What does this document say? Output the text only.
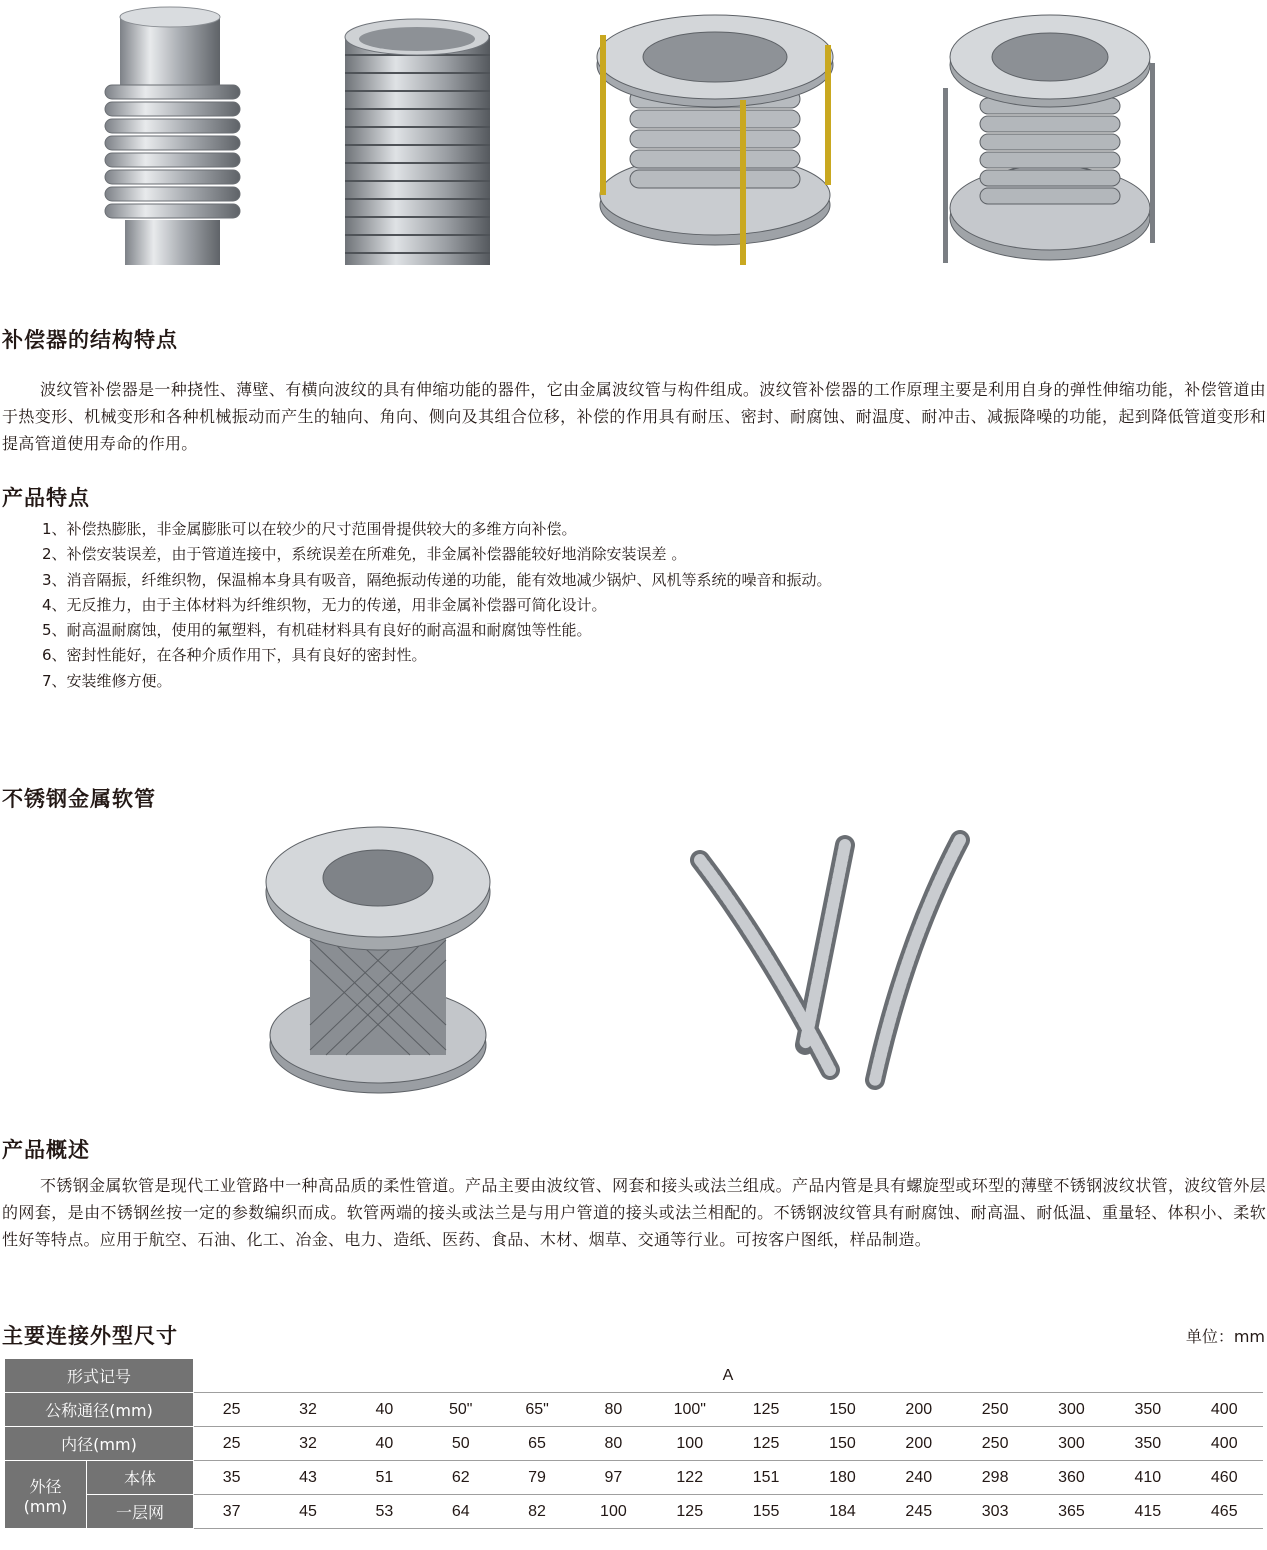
补偿器的结构特点

波纹管补偿器是一种挠性、薄壁、有横向波纹的具有伸缩功能的器件，它由金属波纹管与构件组成。波纹管补偿器的工作原理主要是利用自身的弹性伸缩功能，补偿管道由于热变形、机械变形和各种机械振动而产生的轴向、角向、侧向及其组合位移，补偿的作用具有耐压、密封、耐腐蚀、耐温度、耐冲击、减振降噪的功能，起到降低管道变形和提高管道使用寿命的作用。

产品特点
1、补偿热膨胀，非金属膨胀可以在较少的尺寸范围骨提供较大的多维方向补偿。
2、补偿安装误差，由于管道连接中，系统误差在所难免，非金属补偿器能较好地消除安装误差 。
3、消音隔振，纤维织物，保温棉本身具有吸音，隔绝振动传递的功能，能有效地减少锅炉、风机等系统的噪音和振动。
4、无反推力，由于主体材料为纤维织物，无力的传递，用非金属补偿器可简化设计。
5、耐高温耐腐蚀，使用的氟塑料，有机硅材料具有良好的耐高温和耐腐蚀等性能。
6、密封性能好，在各种介质作用下，具有良好的密封性。
7、安装维修方便。
不锈钢金属软管
产品概述

不锈钢金属软管是现代工业管路中一种高品质的柔性管道。产品主要由波纹管、网套和接头或法兰组成。产品内管是具有螺旋型或环型的薄壁不锈钢波纹状管，波纹管外层的网套，是由不锈钢丝按一定的参数编织而成。软管两端的接头或法兰是与用户管道的接头或法兰相配的。不锈钢波纹管具有耐腐蚀、耐高温、耐低温、重量轻、体积小、柔软性好等特点。应用于航空、石油、化工、冶金、电力、造纸、医药、食品、木材、烟草、交通等行业。可按客户图纸，样品制造。

主要连接外型尺寸	单位：mm
形式记号		A													
公称通径(mm)		25	32	40	50"	65"	80	100"	125	150	200	250	300	350	400
内径(mm)		25	32	40	50	65	80	100	125	150	200	250	300	350	400
外径(mm)	本体	35	43	51	62	79	97	122	151	180	240	298	360	410	460
	一层网	37	45	53	64	82	100	125	155	184	245	303	365	415	465
